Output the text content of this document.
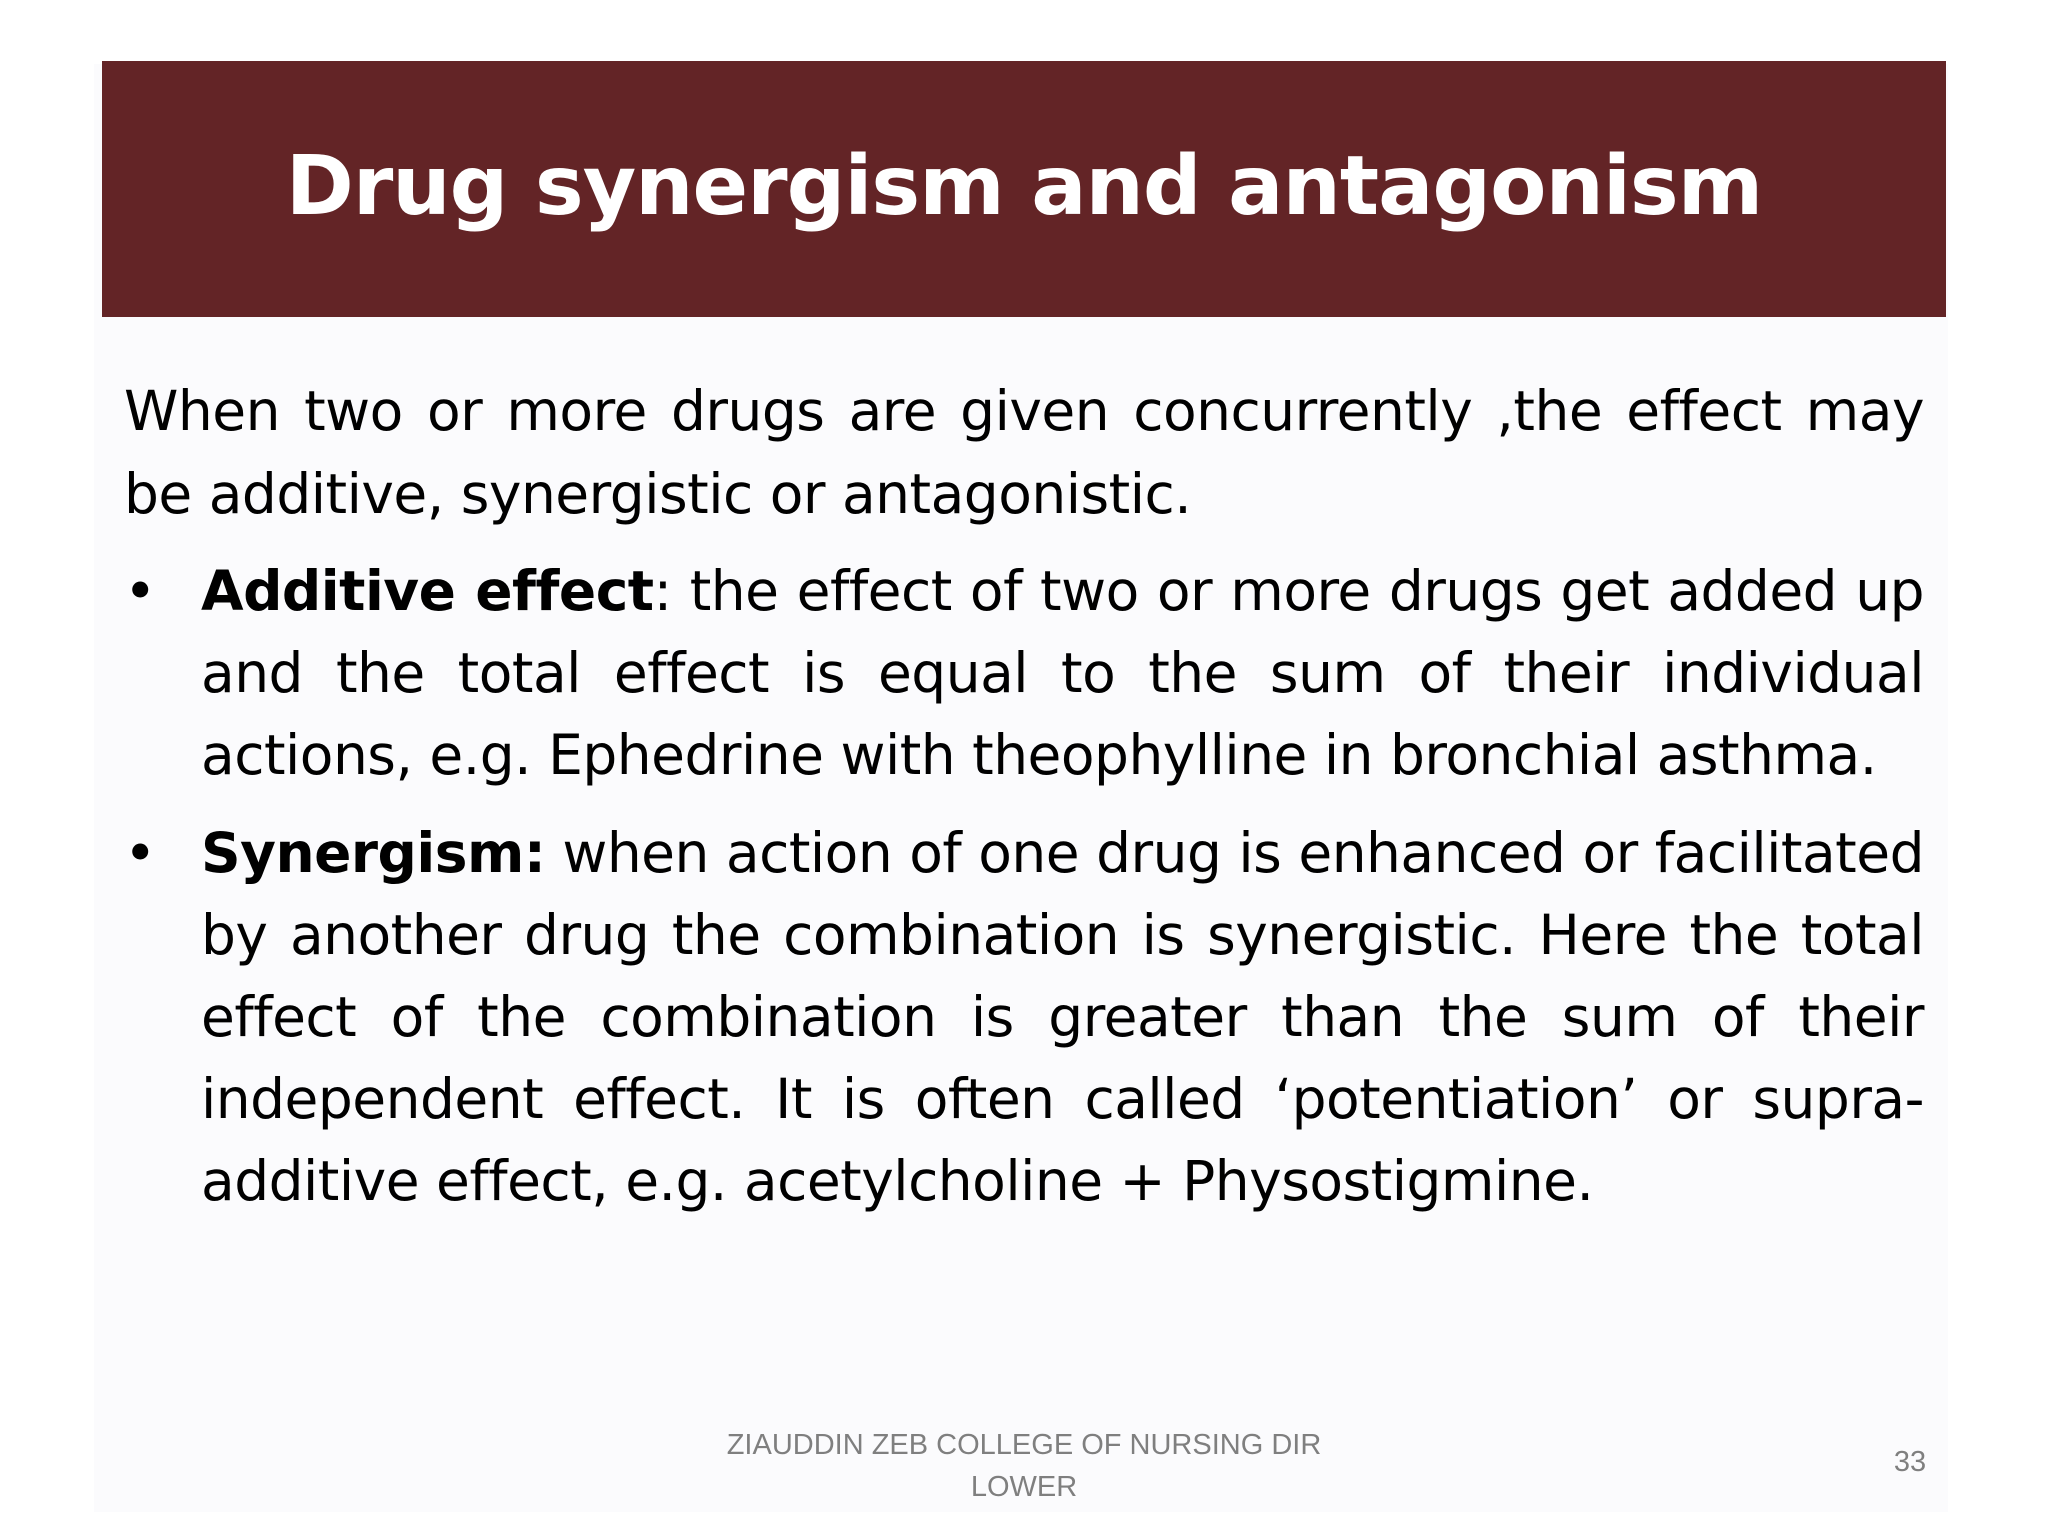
Drug synergism and antagonism

When two or more drugs are given concurrently ,the effect may be additive, synergistic or antagonistic.

• Additive effect: the effect of two or more drugs get added up and the total effect is equal to the sum of their individual actions, e.g. Ephedrine with theophylline in bronchial asthma.
• Synergism: when action of one drug is enhanced or facilitated by another drug the combination is synergistic. Here the total effect of the combination is greater than the sum of their independent effect. It is often called ‘potentiation’ or supra-additive effect, e.g. acetylcholine + Physostigmine.
ZIAUDDIN ZEB COLLEGE OF NURSING DIR LOWER
33
